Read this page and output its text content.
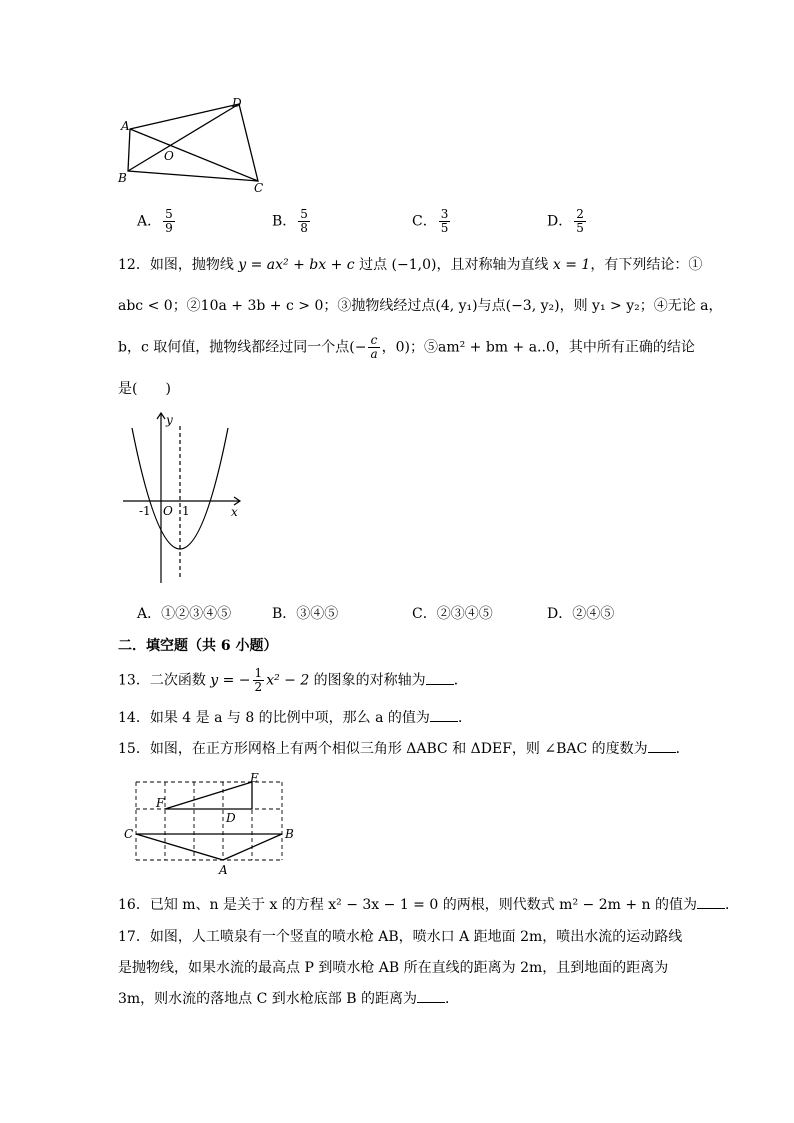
A
D
O
B
C
A． $\frac{5}{9}$	B． $\frac{5}{8}$	C． $\frac{3}{5}$	D． $\frac{2}{5}$
12．如图，抛物线 y = ax² + bx + c 过点 (−1,0)，且对称轴为直线 x = 1，有下列结论：①
abc < 0；②10a + 3b + c > 0；③抛物线经过点(4, y₁)与点(−3, y₂)，则 y₁ > y₂；④无论 a，
b，c 取何值，抛物线都经过同一个点(− $\frac{c}{a}$ ，0)；⑤am² + bm + a..0，其中所有正确的结论
是(　　)
y
x
-1 O 1
A．①②③④⑤	B．③④⑤	C．②③④⑤	D．②④⑤
二．填空题（共 6 小题）
13．二次函数 y = − $\frac{1}{2} x^2 - 2$ 的图象的对称轴为 ．
14．如果 4 是 a 与 8 的比例中项，那么 a 的值为 ．
15．如图，在正方形网格上有两个相似三角形 ΔABC 和 ΔDEF，则 ∠BAC 的度数为 ．
E
F
D
C	B
A
16．已知 m、n 是关于 x 的方程 x² − 3x − 1 = 0 的两根，则代数式 m² − 2m + n 的值为 ．
17．如图，人工喷泉有一个竖直的喷水枪 AB，喷水口 A 距地面 2m，喷出水流的运动路线
是抛物线，如果水流的最高点 P 到喷水枪 AB 所在直线的距离为 2m，且到地面的距离为
3m，则水流的落地点 C 到水枪底部 B 的距离为 ．
